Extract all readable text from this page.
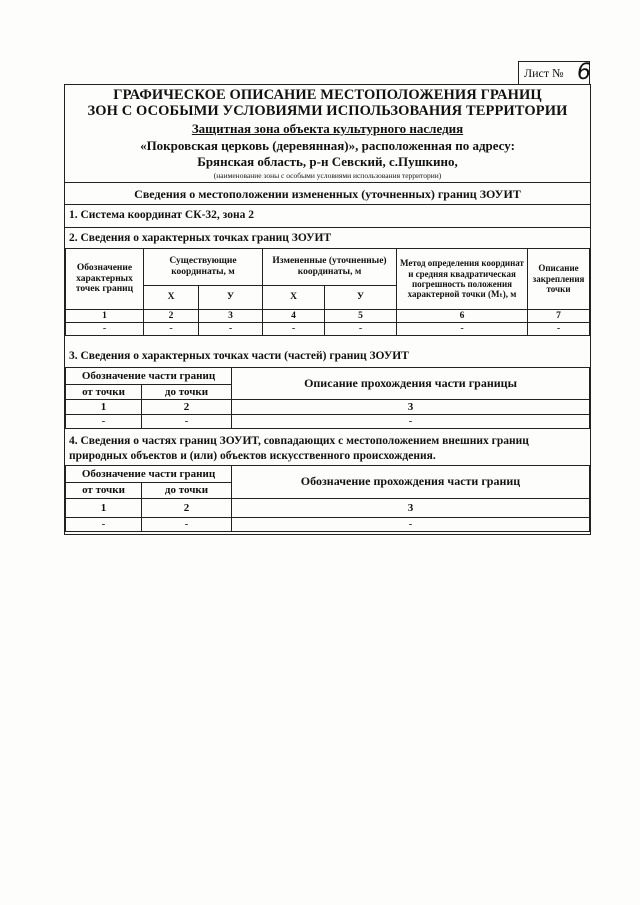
Лист № 6
ГРАФИЧЕСКОЕ ОПИСАНИЕ МЕСТОПОЛОЖЕНИЯ ГРАНИЦ
ЗОН С ОСОБЫМИ УСЛОВИЯМИ ИСПОЛЬЗОВАНИЯ ТЕРРИТОРИИ
Защитная зона объекта культурного наследия
«Покровская церковь (деревянная)», расположенная по адресу:
Брянская область, р-н Севский, с.Пушкино,
(наименование зоны с особыми условиями использования территории)
Сведения о местоположении измененных (уточненных) границ ЗОУИТ
1. Система координат СК-32, зона 2
2. Сведения о характерных точках границ ЗОУИТ
Обозначение характерных точек границ	Существующие координаты, м		Измененные (уточненные) координаты, м		Метод определения координат и средняя квадратическая погрешность положения характерной точки (Мₜ), м	Описание закрепления точки
	Х	У	Х	У		
1	2	3	4	5	6	7
-	-	-	-	-	-	-
3. Сведения о характерных точках части (частей) границ ЗОУИТ
Обозначение части границ		Описание прохождения части границы
от точки	до точки	
1	2	3
-	-	-
4. Сведения о частях границ ЗОУИТ, совпадающих с местоположением внешних границ
природных объектов и (или) объектов искусственного происхождения.
Обозначение части границ		Обозначение прохождения части границ
от точки	до точки	
1	2	3
-	-	-
